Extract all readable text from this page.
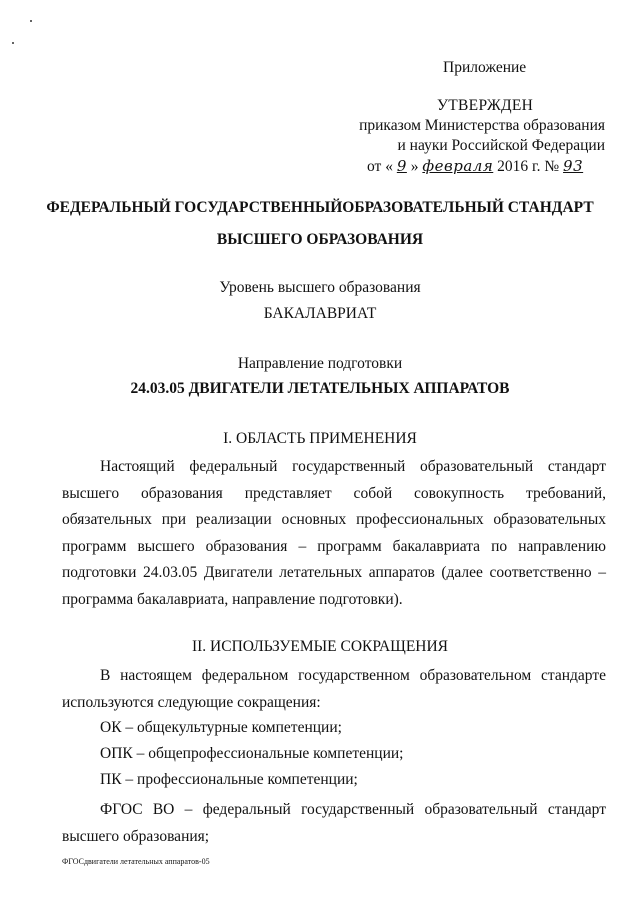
Приложение
УТВЕРЖДЕН
приказом Министерства образования
и науки Российской Федерации
от « 9 » февраля 2016 г. № 93
ФЕДЕРАЛЬНЫЙ ГОСУДАРСТВЕННЫЙОБРАЗОВАТЕЛЬНЫЙ СТАНДАРТ
ВЫСШЕГО ОБРАЗОВАНИЯ
Уровень высшего образования
БАКАЛАВРИАТ
Направление подготовки
24.03.05 ДВИГАТЕЛИ ЛЕТАТЕЛЬНЫХ АППАРАТОВ
I. ОБЛАСТЬ ПРИМЕНЕНИЯ
Настоящий федеральный государственный образовательный стандарт высшего образования представляет собой совокупность требований, обязательных при реализации основных профессиональных образовательных программ высшего образования – программ бакалавриата по направлению подготовки 24.03.05 Двигатели летательных аппаратов (далее соответственно – программа бакалавриата, направление подготовки).
II. ИСПОЛЬЗУЕМЫЕ СОКРАЩЕНИЯ
В настоящем федеральном государственном образовательном стандарте используются следующие сокращения:
ОК – общекультурные компетенции;
ОПК – общепрофессиональные компетенции;
ПК – профессиональные компетенции;
ФГОС ВО – федеральный государственный образовательный стандарт высшего образования;
ФГОСдвигатели летательных аппаратов-05
